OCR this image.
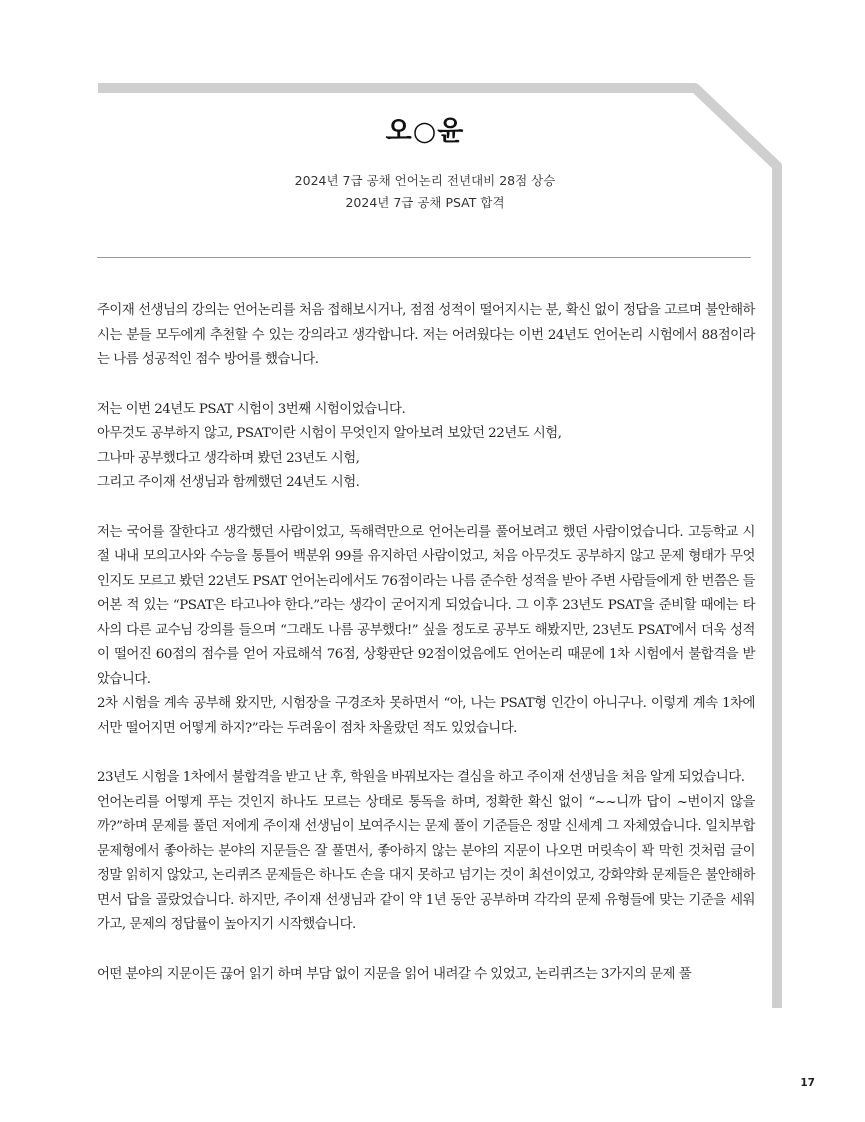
오○윤
2024년 7급 공채 언어논리 전년대비 28점 상승
2024년 7급 공채 PSAT 합격

주이재 선생님의 강의는 언어논리를 처음 접해보시거나, 점점 성적이 떨어지시는 분, 확신 없이 정답을 고르며 불안해하시는 분들 모두에게 추천할 수 있는 강의라고 생각합니다. 저는 어려웠다는 이번 24년도 언어논리 시험에서 88점이라는 나름 성공적인 점수 방어를 했습니다.

저는 이번 24년도 PSAT 시험이 3번째 시험이었습니다.
아무것도 공부하지 않고, PSAT이란 시험이 무엇인지 알아보려 보았던 22년도 시험,
그나마 공부했다고 생각하며 봤던 23년도 시험,
그리고 주이재 선생님과 함께했던 24년도 시험.

저는 국어를 잘한다고 생각했던 사람이었고, 독해력만으로 언어논리를 풀어보려고 했던 사람이었습니다. 고등학교 시절 내내 모의고사와 수능을 통틀어 백분위 99를 유지하던 사람이었고, 처음 아무것도 공부하지 않고 문제 형태가 무엇인지도 모르고 봤던 22년도 PSAT 언어논리에서도 76점이라는 나름 준수한 성적을 받아 주변 사람들에게 한 번쯤은 들어본 적 있는 “PSAT은 타고나야 한다.”라는 생각이 굳어지게 되었습니다. 그 이후 23년도 PSAT을 준비할 때에는 타사의 다른 교수님 강의를 들으며 “그래도 나름 공부했다!” 싶을 정도로 공부도 해봤지만, 23년도 PSAT에서 더욱 성적이 떨어진 60점의 점수를 얻어 자료해석 76점, 상황판단 92점이었음에도 언어논리 때문에 1차 시험에서 불합격을 받았습니다.

2차 시험을 계속 공부해 왔지만, 시험장을 구경조차 못하면서 “아, 나는 PSAT형 인간이 아니구나. 이렇게 계속 1차에서만 떨어지면 어떻게 하지?”라는 두려움이 점차 차올랐던 적도 있었습니다.

23년도 시험을 1차에서 불합격을 받고 난 후, 학원을 바꿔보자는 결심을 하고 주이재 선생님을 처음 알게 되었습니다.

언어논리를 어떻게 푸는 것인지 하나도 모르는 상태로 통독을 하며, 정확한 확신 없이 “~~니까 답이 ~번이지 않을까?”하며 문제를 풀던 저에게 주이재 선생님이 보여주시는 문제 풀이 기준들은 정말 신세계 그 자체였습니다. 일치부합 문제형에서 좋아하는 분야의 지문들은 잘 풀면서, 좋아하지 않는 분야의 지문이 나오면 머릿속이 꽉 막힌 것처럼 글이 정말 읽히지 않았고, 논리퀴즈 문제들은 하나도 손을 대지 못하고 넘기는 것이 최선이었고, 강화약화 문제들은 불안해하면서 답을 골랐었습니다. 하지만, 주이재 선생님과 같이 약 1년 동안 공부하며 각각의 문제 유형들에 맞는 기준을 세워가고, 문제의 정답률이 높아지기 시작했습니다.

어떤 분야의 지문이든 끊어 읽기 하며 부담 없이 지문을 읽어 내려갈 수 있었고, 논리퀴즈는 3가지의 문제 풀

17
